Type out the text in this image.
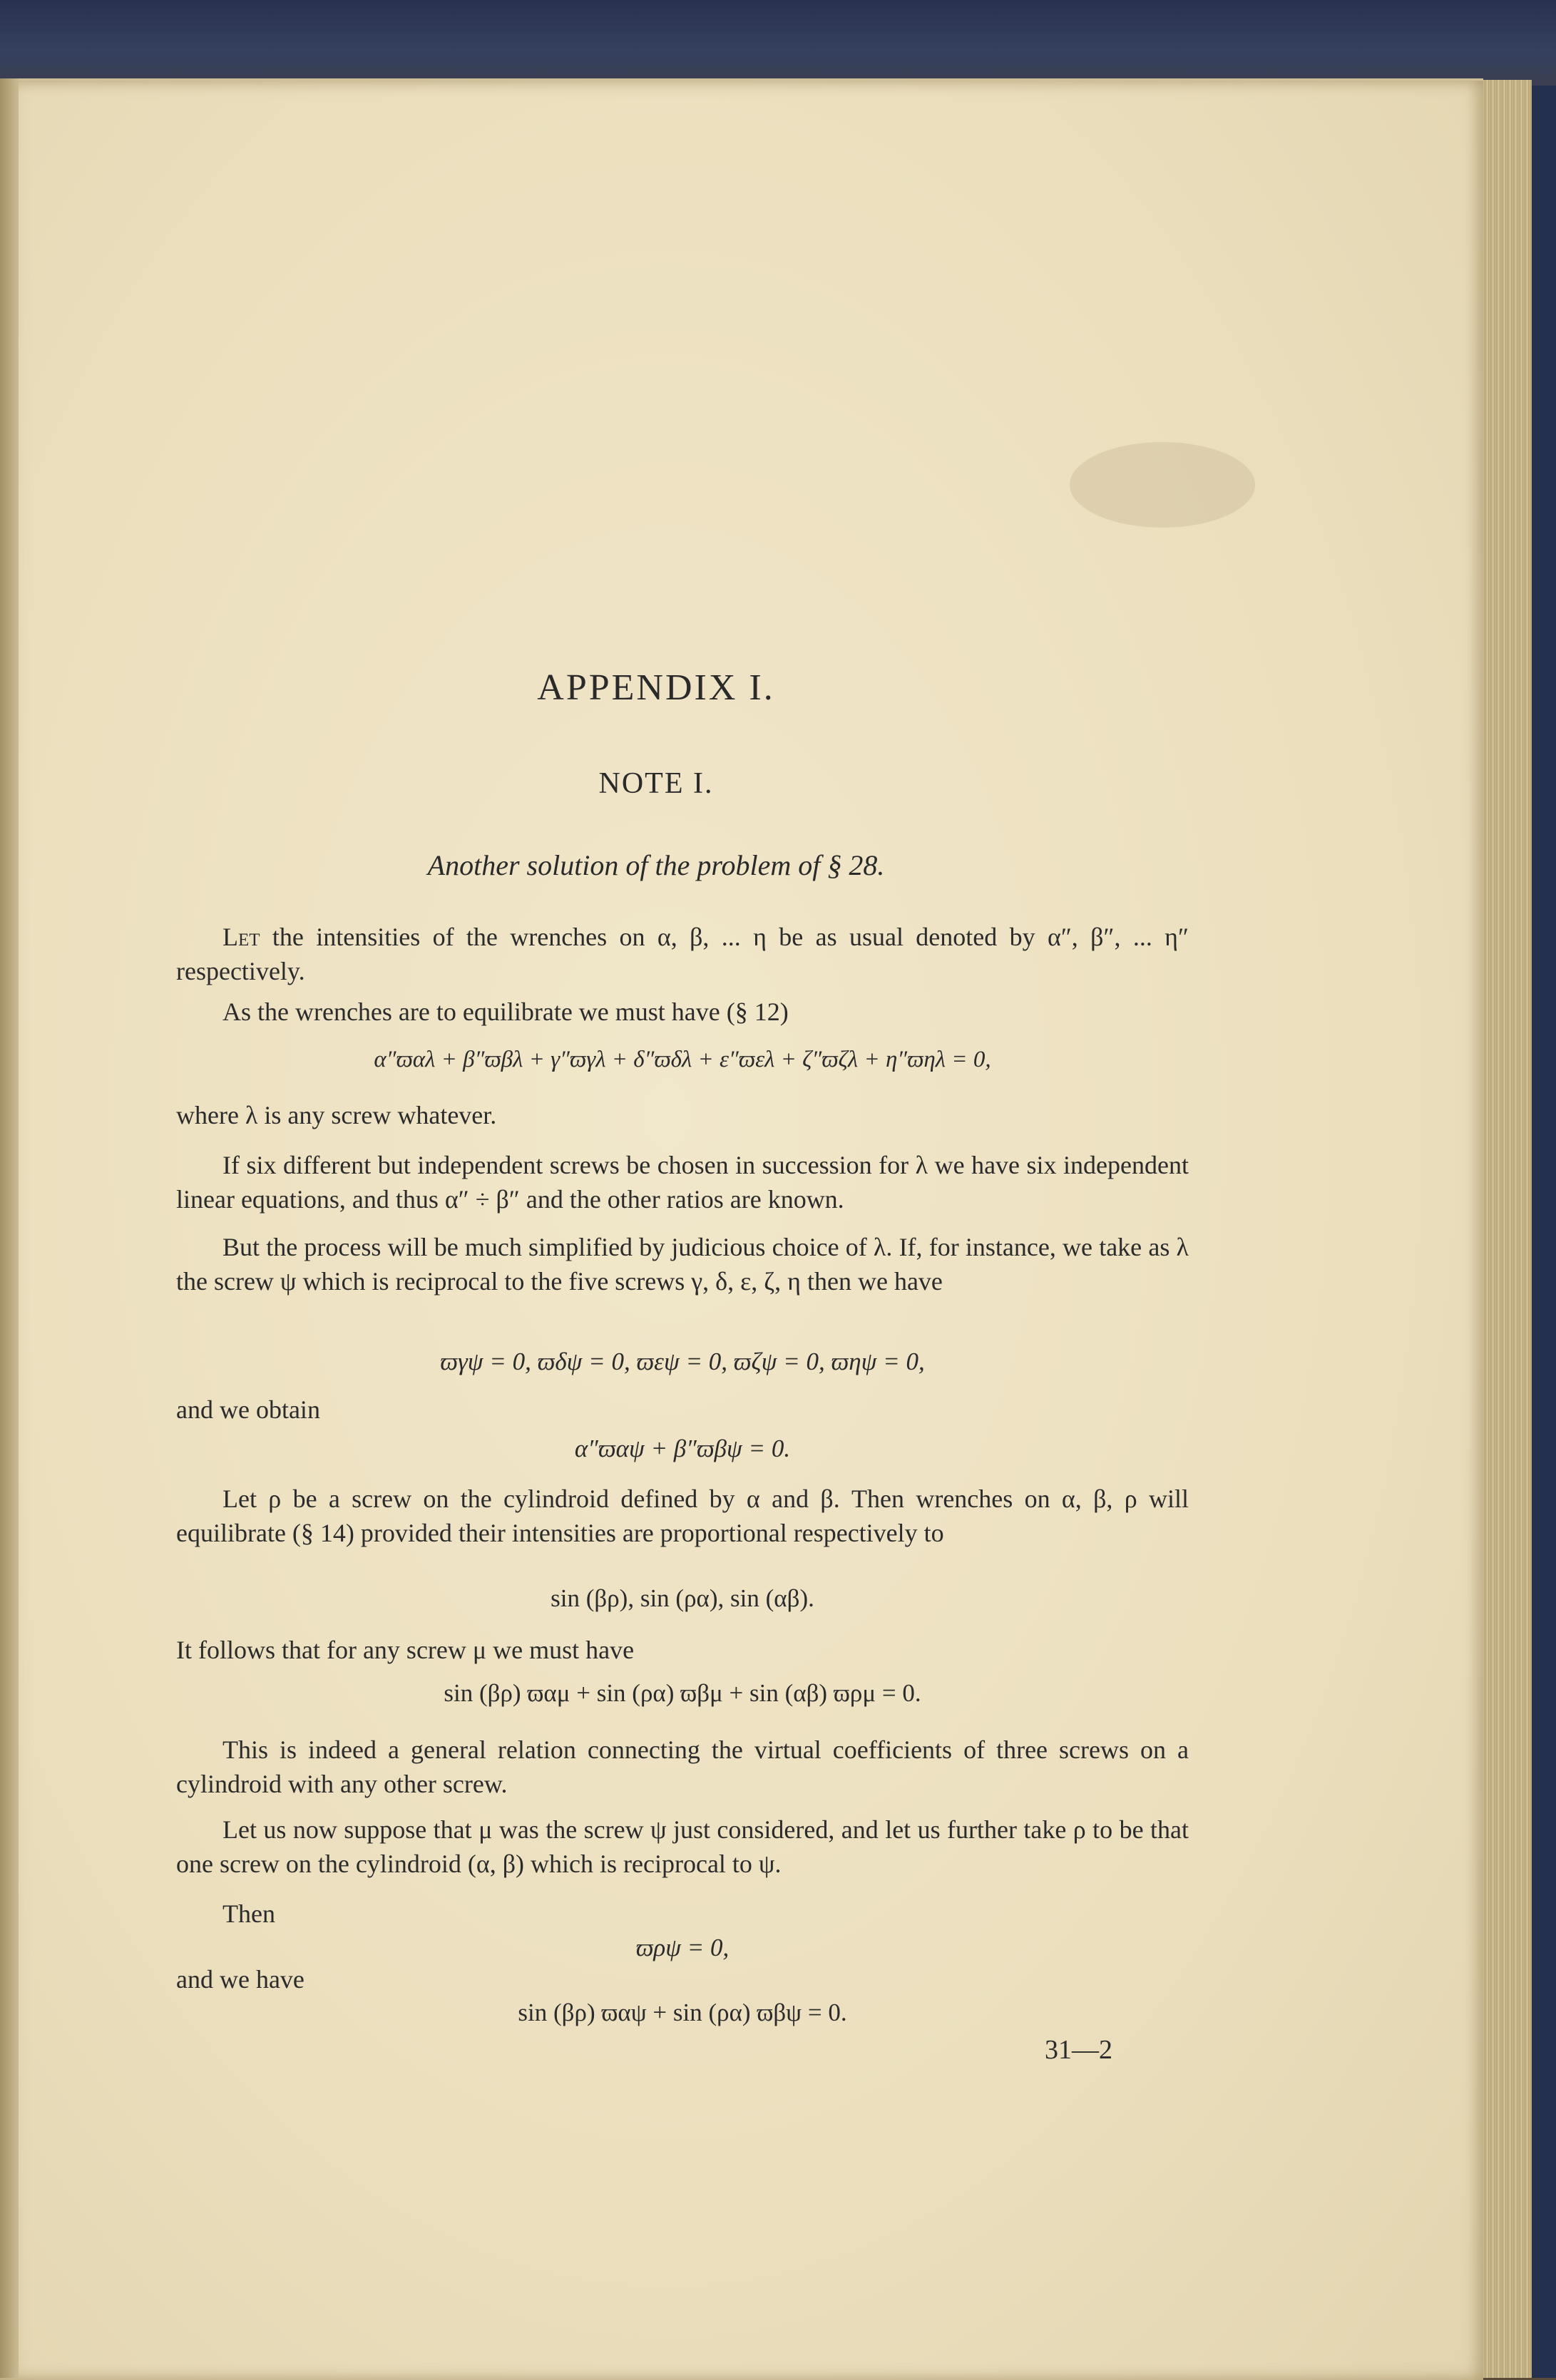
APPENDIX I.
NOTE I.
Another solution of the problem of § 28.
Let the intensities of the wrenches on α, β, ... η be as usual denoted by α″, β″, ... η″ respectively.
As the wrenches are to equilibrate we must have (§ 12)
α″ϖαλ + β″ϖβλ + γ″ϖγλ + δ″ϖδλ + ε″ϖελ + ζ″ϖζλ + η″ϖηλ = 0,
where λ is any screw whatever.
If six different but independent screws be chosen in succession for λ we have six independent linear equations, and thus α″ ÷ β″ and the other ratios are known.
But the process will be much simplified by judicious choice of λ. If, for instance, we take as λ the screw ψ which is reciprocal to the five screws γ, δ, ε, ζ, η then we have
ϖγψ = 0, ϖδψ = 0, ϖεψ = 0, ϖζψ = 0, ϖηψ = 0,
and we obtain
α″ϖαψ + β″ϖβψ = 0.
Let ρ be a screw on the cylindroid defined by α and β. Then wrenches on α, β, ρ will equilibrate (§ 14) provided their intensities are proportional respectively to
sin (βρ), sin (ρα), sin (αβ).
It follows that for any screw μ we must have
sin (βρ) ϖαμ + sin (ρα) ϖβμ + sin (αβ) ϖρμ = 0.
This is indeed a general relation connecting the virtual coefficients of three screws on a cylindroid with any other screw.
Let us now suppose that μ was the screw ψ just considered, and let us further take ρ to be that one screw on the cylindroid (α, β) which is reciprocal to ψ.
Then
ϖρψ = 0,
and we have
sin (βρ) ϖαψ + sin (ρα) ϖβψ = 0.
31—2
